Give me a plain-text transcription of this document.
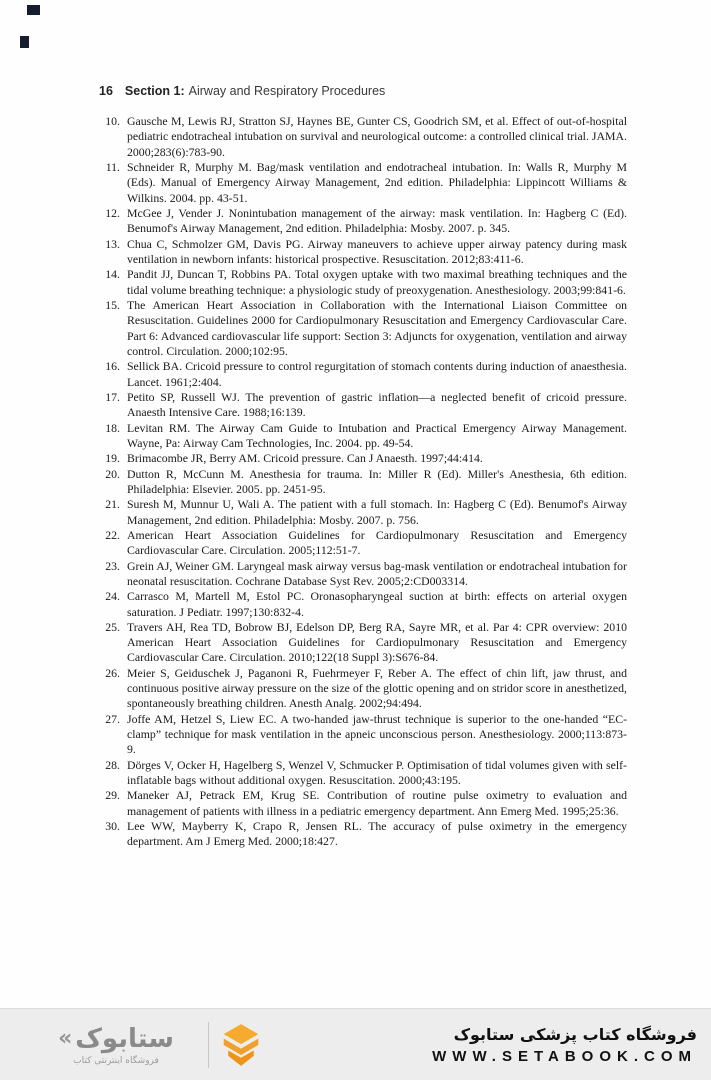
16 Section 1: Airway and Respiratory Procedures
10. Gausche M, Lewis RJ, Stratton SJ, Haynes BE, Gunter CS, Goodrich SM, et al. Effect of out-of-hospital pediatric endotracheal intubation on survival and neurological outcome: a controlled clinical trial. JAMA. 2000;283(6):783-90.
11. Schneider R, Murphy M. Bag/mask ventilation and endotracheal intubation. In: Walls R, Murphy M (Eds). Manual of Emergency Airway Management, 2nd edition. Philadelphia: Lippincott Williams & Wilkins. 2004. pp. 43-51.
12. McGee J, Vender J. Nonintubation management of the airway: mask ventilation. In: Hagberg C (Ed). Benumof's Airway Management, 2nd edition. Philadelphia: Mosby. 2007. p. 345.
13. Chua C, Schmolzer GM, Davis PG. Airway maneuvers to achieve upper airway patency during mask ventilation in newborn infants: historical prospective. Resuscitation. 2012;83:411-6.
14. Pandit JJ, Duncan T, Robbins PA. Total oxygen uptake with two maximal breathing techniques and the tidal volume breathing technique: a physiologic study of preoxygenation. Anesthesiology. 2003;99:841-6.
15. The American Heart Association in Collaboration with the International Liaison Committee on Resuscitation. Guidelines 2000 for Cardiopulmonary Resuscitation and Emergency Cardiovascular Care. Part 6: Advanced cardiovascular life support: Section 3: Adjuncts for oxygenation, ventilation and airway control. Circulation. 2000;102:95.
16. Sellick BA. Cricoid pressure to control regurgitation of stomach contents during induction of anaesthesia. Lancet. 1961;2:404.
17. Petito SP, Russell WJ. The prevention of gastric inflation—a neglected benefit of cricoid pressure. Anaesth Intensive Care. 1988;16:139.
18. Levitan RM. The Airway Cam Guide to Intubation and Practical Emergency Airway Management. Wayne, Pa: Airway Cam Technologies, Inc. 2004. pp. 49-54.
19. Brimacombe JR, Berry AM. Cricoid pressure. Can J Anaesth. 1997;44:414.
20. Dutton R, McCunn M. Anesthesia for trauma. In: Miller R (Ed). Miller's Anesthesia, 6th edition. Philadelphia: Elsevier. 2005. pp. 2451-95.
21. Suresh M, Munnur U, Wali A. The patient with a full stomach. In: Hagberg C (Ed). Benumof's Airway Management, 2nd edition. Philadelphia: Mosby. 2007. p. 756.
22. American Heart Association Guidelines for Cardiopulmonary Resuscitation and Emergency Cardiovascular Care. Circulation. 2005;112:51-7.
23. Grein AJ, Weiner GM. Laryngeal mask airway versus bag-mask ventilation or endotracheal intubation for neonatal resuscitation. Cochrane Database Syst Rev. 2005;2:CD003314.
24. Carrasco M, Martell M, Estol PC. Oronasopharyngeal suction at birth: effects on arterial oxygen saturation. J Pediatr. 1997;130:832-4.
25. Travers AH, Rea TD, Bobrow BJ, Edelson DP, Berg RA, Sayre MR, et al. Par 4: CPR overview: 2010 American Heart Association Guidelines for Cardiopulmonary Resuscitation and Emergency Cardiovascular Care. Circulation. 2010;122(18 Suppl 3):S676-84.
26. Meier S, Geiduschek J, Paganoni R, Fuehrmeyer F, Reber A. The effect of chin lift, jaw thrust, and continuous positive airway pressure on the size of the glottic opening and on stridor score in anesthetized, spontaneously breathing children. Anesth Analg. 2002;94:494.
27. Joffe AM, Hetzel S, Liew EC. A two-handed jaw-thrust technique is superior to the one-handed “EC-clamp” technique for mask ventilation in the apneic unconscious person. Anesthesiology. 2000;113:873-9.
28. Dörges V, Ocker H, Hagelberg S, Wenzel V, Schmucker P. Optimisation of tidal volumes given with self-inflatable bags without additional oxygen. Resuscitation. 2000;43:195.
29. Maneker AJ, Petrack EM, Krug SE. Contribution of routine pulse oximetry to evaluation and management of patients with illness in a pediatric emergency department. Ann Emerg Med. 1995;25:36.
30. Lee WW, Mayberry K, Crapo R, Jensen RL. The accuracy of pulse oximetry in the emergency department. Am J Emerg Med. 2000;18:427.
« ستابوک
فروشگاه اینترنتی کتاب
فروشگاه کتاب پزشکی ستابوک
WWW.SETABOOK.COM
